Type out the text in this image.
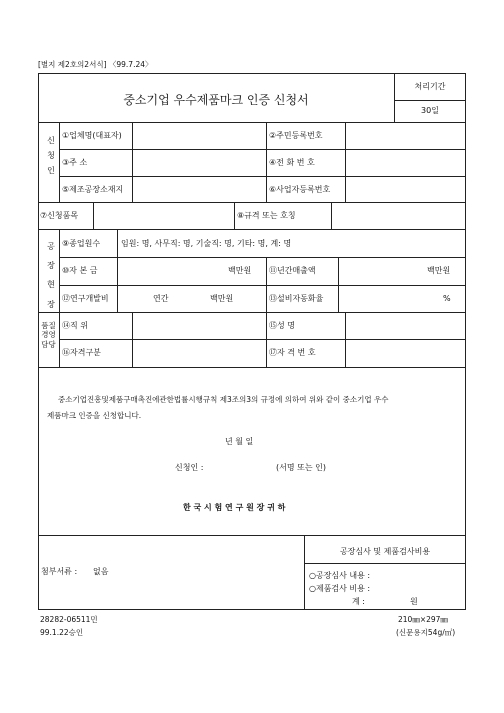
[별지 제2호의2서식] 〈99.7.24〉
중소기업 우수제품마크 인증 신청서
처리기간
30일
신 청 인
①업체명(대표자)	②주민등록번호
③주 소	④전 화 번 호
⑤제조공장소재지	⑥사업자등록번호
⑦신청품목	⑧규격 또는 호칭
공 장 현 장
⑨종업원수	임원: 명, 사무직: 명, 기술직: 명, 기타: 명, 계: 명
⑩자 본 금	백만원 ⑪년간매출액	백만원
⑫연구개발비	연간	백만원	⑬설비자동화율	%
품질 경영 담당
⑭직 위	⑮성 명
⑯자격구분	⑰자 격 번 호
중소기업진흥및제품구매촉진에관한법률시행규칙 제3조의3의 규정에 의하여 위와 같이 중소기업 우수
제품마크 인증을 신청합니다.
년 월 일
신청인 :	(서명 또는 인)
한 국 시 험 연 구 원 장 귀 하
첨부서류 : 없음
공장심사 및 제품검사비용
○공장심사 내용 :
○제품검사 비용 :
계 :	원
28282-06511민
99.1.22승인
210㎜×297㎜
(신문용지54g/㎡)
